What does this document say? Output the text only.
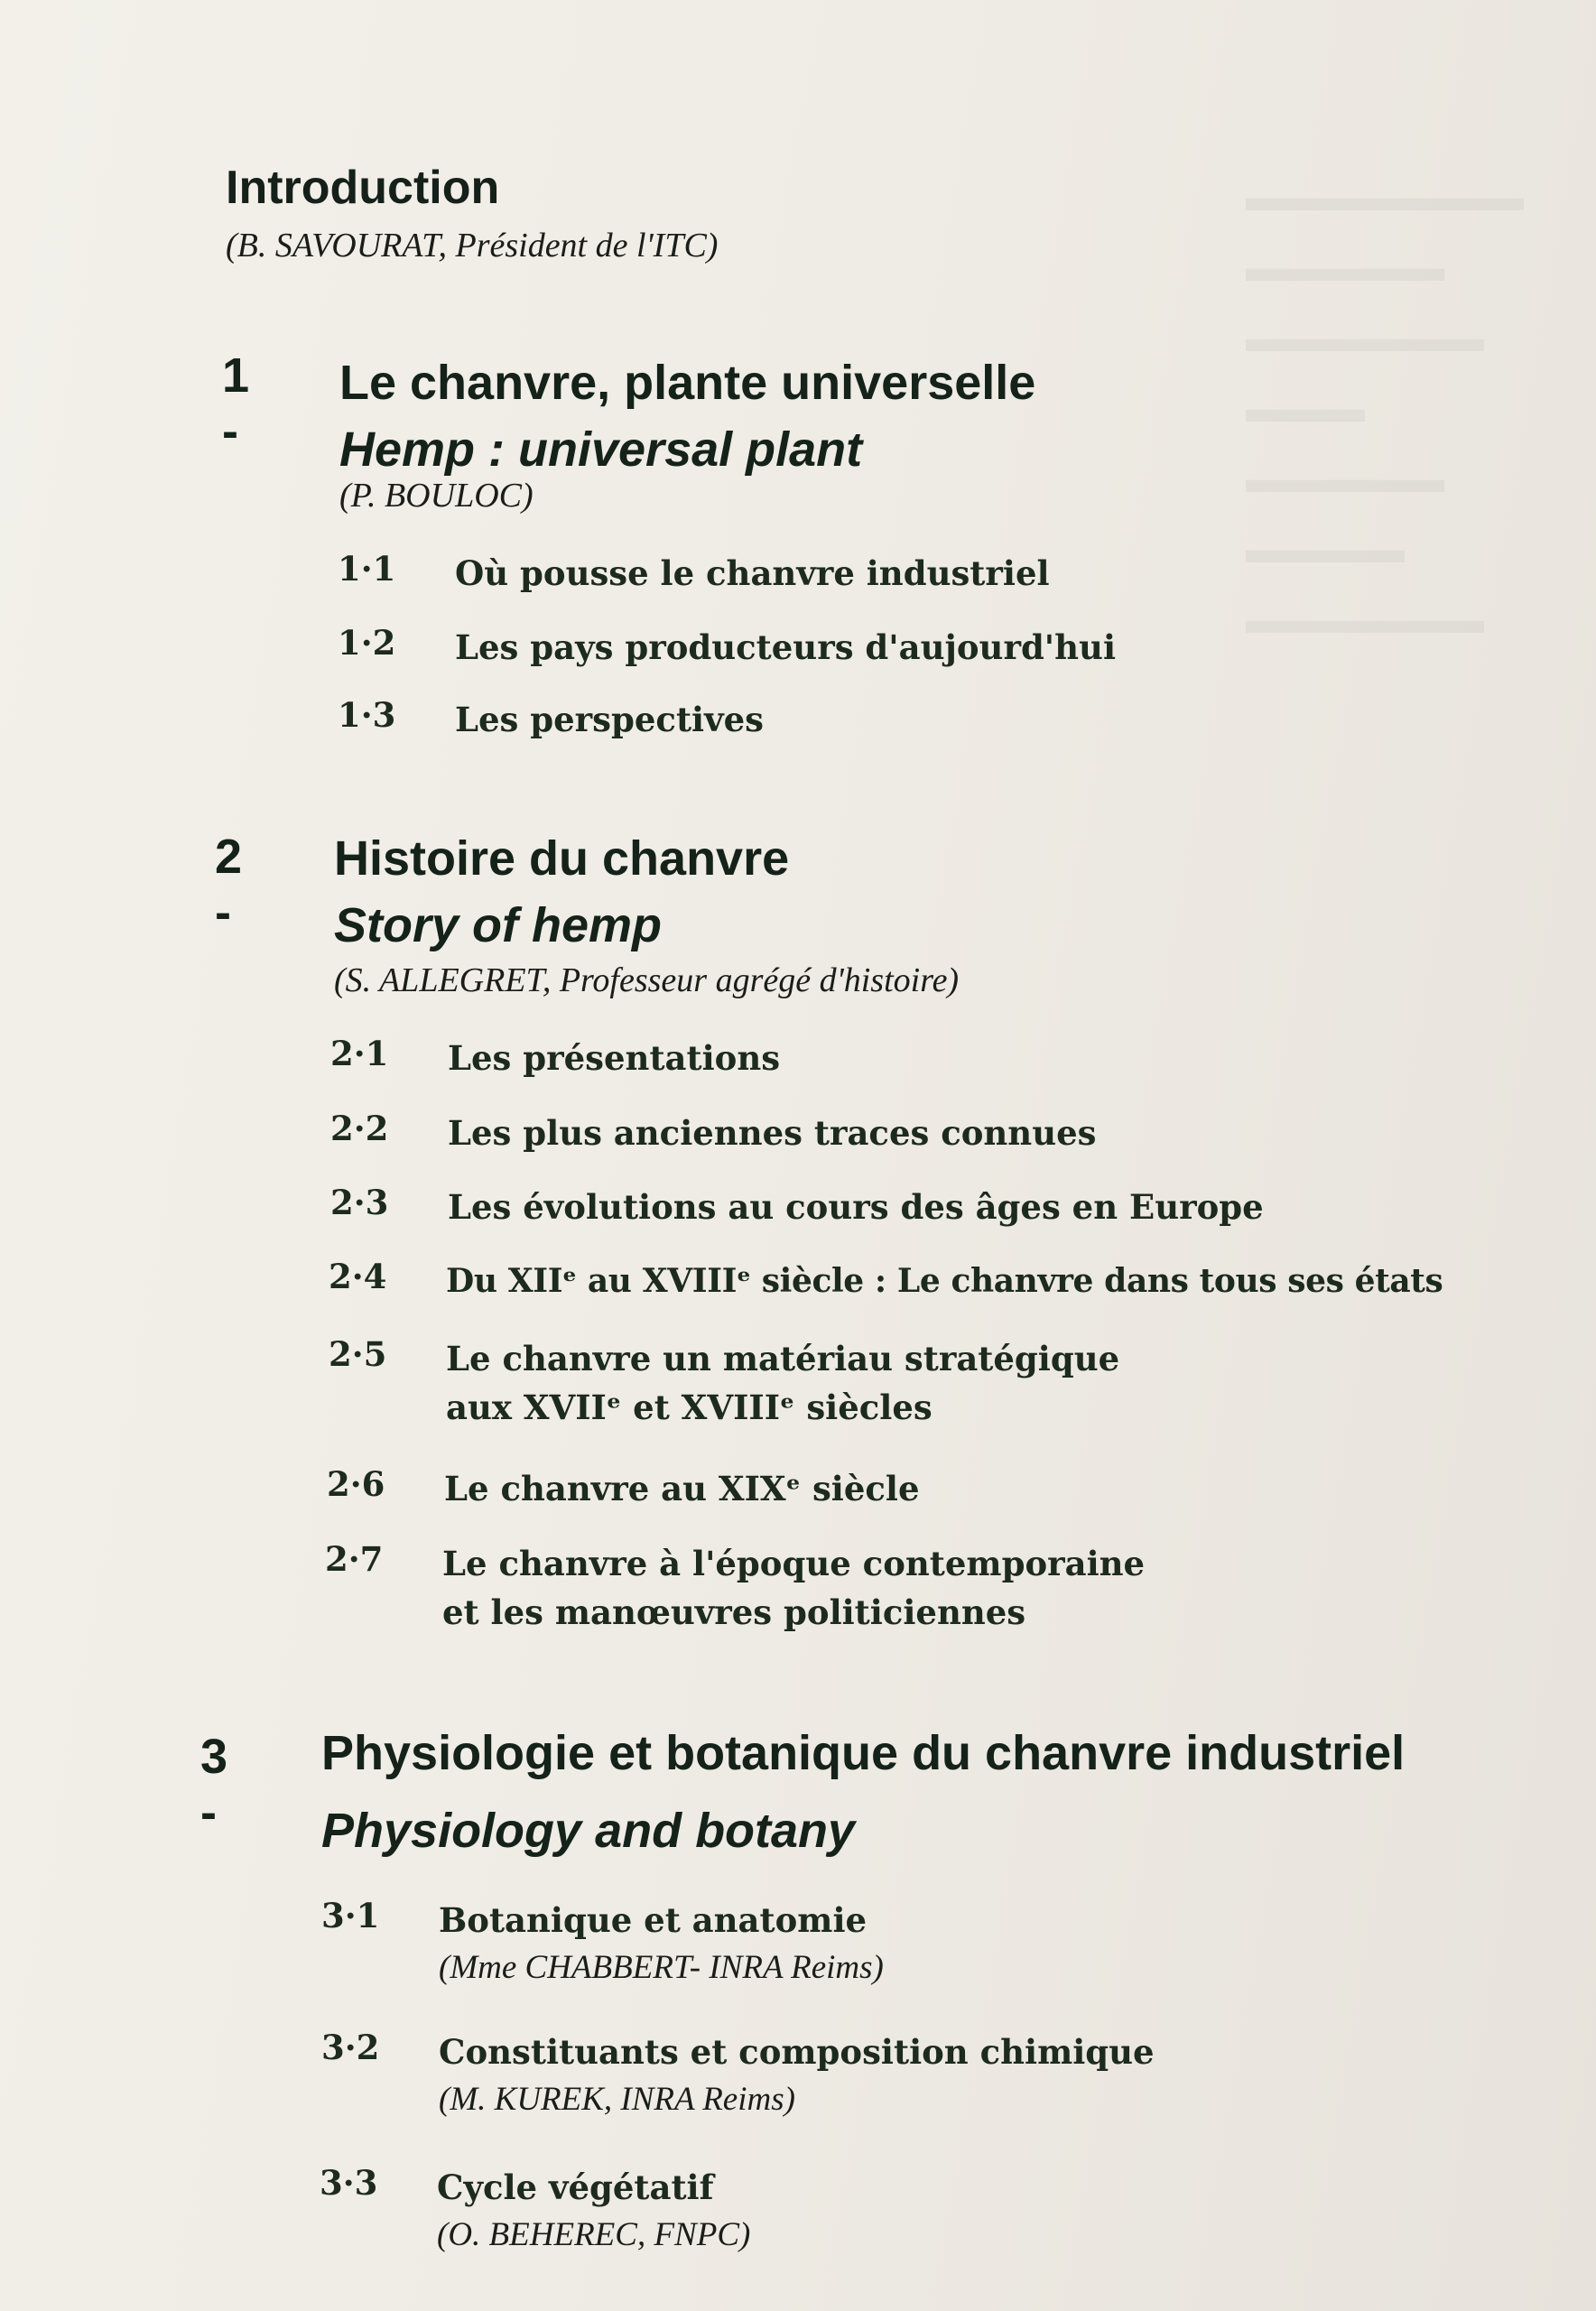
Introduction
(B. SAVOURAT, Président de l'ITC)
1 -
Le chanvre, plante universelle
Hemp : universal plant
(P. BOULOC)
1·1 Où pousse le chanvre industriel
1·2 Les pays producteurs d'aujourd'hui
1·3 Les perspectives
2 -
Histoire du chanvre
Story of hemp
(S. ALLEGRET, Professeur agrégé d'histoire)
2·1 Les présentations
2·2 Les plus anciennes traces connues
2·3 Les évolutions au cours des âges en Europe
2·4 Du XIIᵉ au XVIIIᵉ siècle : Le chanvre dans tous ses états
2·5 Le chanvre un matériau stratégique
aux XVIIᵉ et XVIIIᵉ siècles
2·6 Le chanvre au XIXᵉ siècle
2·7 Le chanvre à l'époque contemporaine
et les manœuvres politiciennes
3 -
Physiologie et botanique du chanvre industriel
Physiology and botany
3·1 Botanique et anatomie
(Mme CHABBERT- INRA Reims)
3·2 Constituants et composition chimique
(M. KUREK, INRA Reims)
3·3 Cycle végétatif
(O. BEHEREC, FNPC)
